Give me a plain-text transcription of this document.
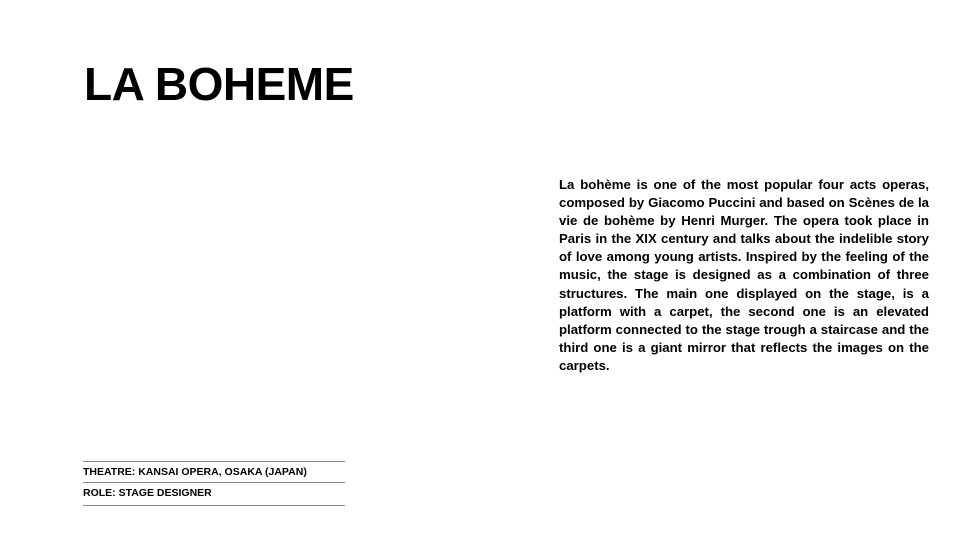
LA BOHEME

La bohème is one of the most popular four acts operas, composed by Giacomo Puccini and based on Scènes de la vie de bohème by Henri Murger. The opera took place in Paris in the XIX century and talks about the indelible story of love among young artists. Inspired by the feeling of the music, the stage is designed as a combination of three structures. The main one displayed on the stage, is a platform with a carpet, the second one is an elevated platform connected to the stage trough a staircase and the third one is a giant mirror that reflects the images on the carpets.

THEATRE: KANSAI OPERA, OSAKA (JAPAN)
ROLE: STAGE DESIGNER
